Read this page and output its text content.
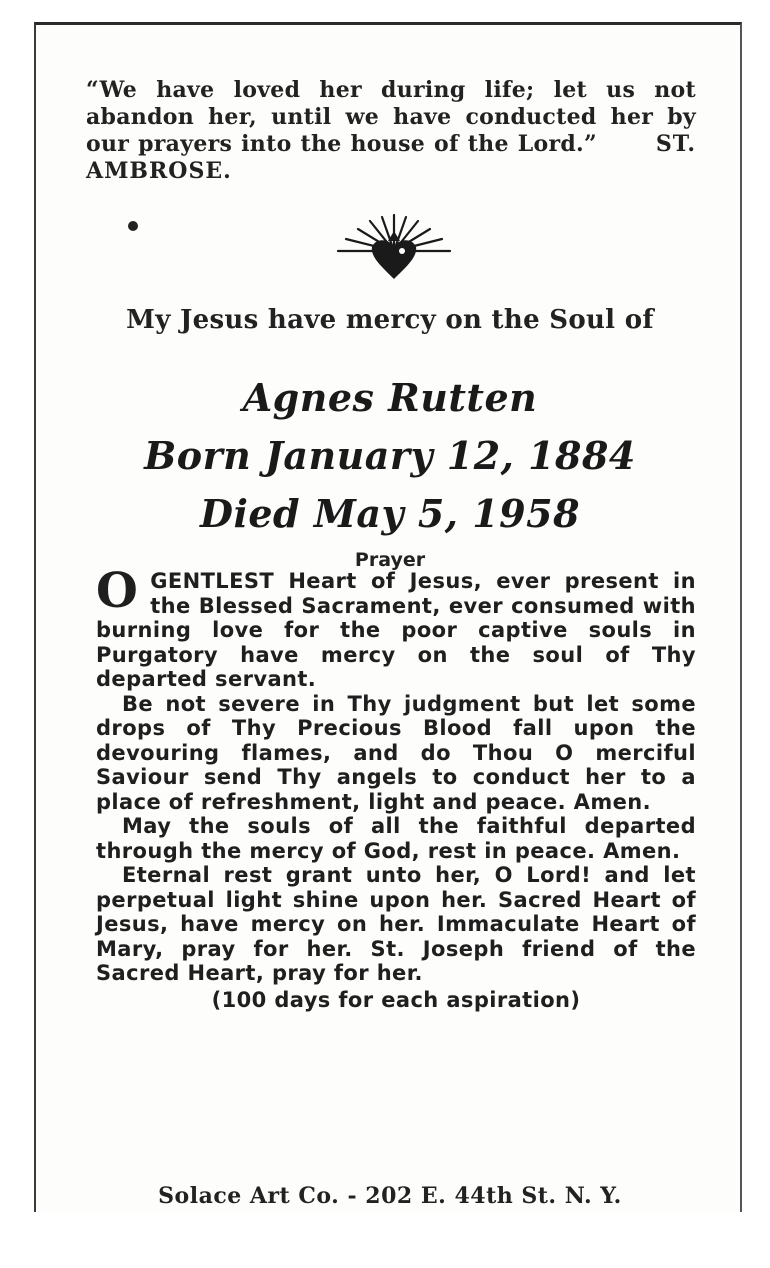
“We have loved her during life; let us not abandon her, until we have conducted her by our prayers into the house of the Lord.”	ST. AMBROSE.
My Jesus have mercy on the Soul of
Agnes Rutten
Born January 12, 1884
Died May 5, 1958
Prayer

OGENTLEST Heart of Jesus, ever present in the Blessed Sacrament, ever consumed with burning love for the poor captive souls in Purgatory have mercy on the soul of Thy departed servant.

Be not severe in Thy judgment but let some drops of Thy Precious Blood fall upon the devouring flames, and do Thou O merciful Saviour send Thy angels to conduct her to a place of refreshment, light and peace. Amen.

May the souls of all the faithful departed through the mercy of God, rest in peace. Amen.

Eternal rest grant unto her, O Lord! and let perpetual light shine upon her. Sacred Heart of Jesus, have mercy on her. Immaculate Heart of Mary, pray for her. St. Joseph friend of the Sacred Heart, pray for her.

(100 days for each aspiration)

Solace Art Co. - 202 E. 44th St. N. Y.
